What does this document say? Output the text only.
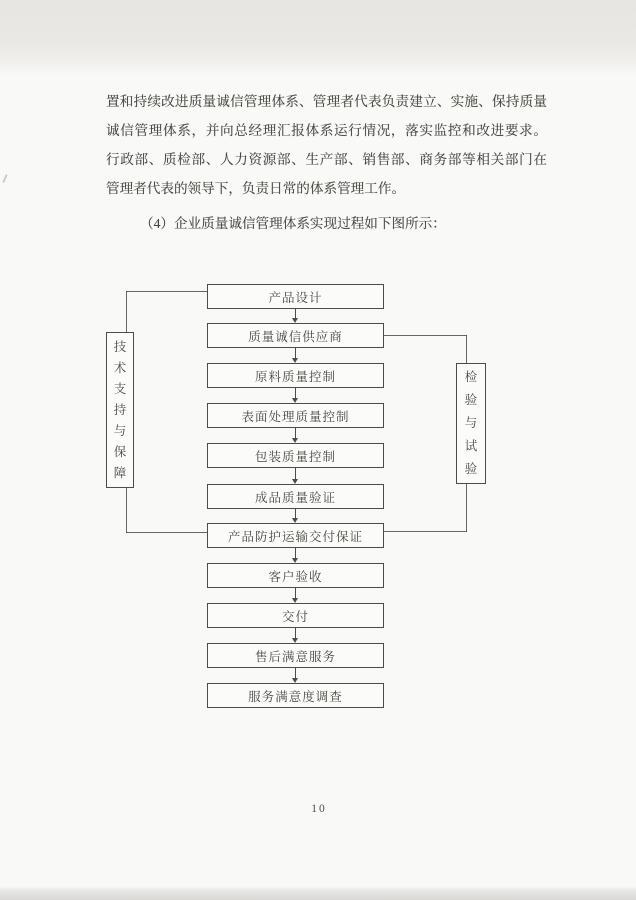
置和持续改进质量诚信管理体系、管理者代表负责建立、实施、保持质量

诚信管理体系，并向总经理汇报体系运行情况，落实监控和改进要求。

行政部、质检部、人力资源部、生产部、销售部、商务部等相关部门在

管理者代表的领导下，负责日常的体系管理工作。

（4）企业质量诚信管理体系实现过程如下图所示：

产品设计
质量诚信供应商
原料质量控制
表面处理质量控制
包装质量控制
成品质量验证
产品防护运输交付保证
客户验收
交付
售后满意服务
服务满意度调查
技术支持与保障
检验与试验
10
